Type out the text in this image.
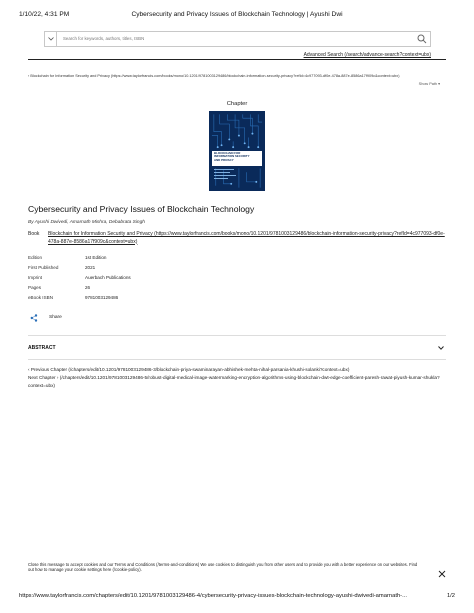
1/10/22, 4:31 PM	Cybersecurity and Privacy Issues of Blockchain Technology | Ayushi Dwi
Search for keywords, authors, titles, ISBN
Advanced Search (/search/advance-search?context=ubx)
‹ Blockchain for Information Security and Privacy (https://www.taylorfrancis.com/books/mono/10.1201/9781003129486/blockchain-information-security-privacy?refId=4c977093-df0e-478a-887e-8586a17f909c&context=ubx)
Show Path ▾
Chapter
BLOCKCHAIN FOR
INFORMATION SECURITY
AND PRIVACY
Cybersecurity and Privacy Issues of Blockchain Technology
By Ayushi Dwivedi, Amarnath Mishra, Debabrata Singh
Book Blockchain for Information Security and Privacy (https://www.taylorfrancis.com/books/mono/10.1201/9781003129486/blockchain-information-security-privacy?refId=4c977093-df0e-478a-887e-8586a17f909c&context=ubx)
Edition	1st Edition
First Published	2021
Imprint	Auerbach Publications
Pages	26
eBook ISBN	9781003129486
Share
ABSTRACT
‹ Previous Chapter (/chapters/edit/10.1201/9781003129486-3/blockchain-priya-swaminarayan-abhishek-mehta-nihal-parsania-khushi-solanki?context=ubx)
Next Chapter › (/chapters/edit/10.1201/9781003129486-5/robust-digital-medical-image-watermarking-encryption-algorithms-using-blockchain-dwt-edge-coefficient-paresh-rawat-piyush-kumar-shukla?context=ubx)
Close this message to accept cookies and our Terms and Conditions (/terms-and-conditions) We use cookies to distinguish you from other users and to provide you with a better experience on our websites. Find out how to manage your cookie settings here (/cookie-policy).
https://www.taylorfrancis.com/chapters/edit/10.1201/9781003129486-4/cybersecurity-privacy-issues-blockchain-technology-ayushi-dwivedi-amarnath-...	1/2
